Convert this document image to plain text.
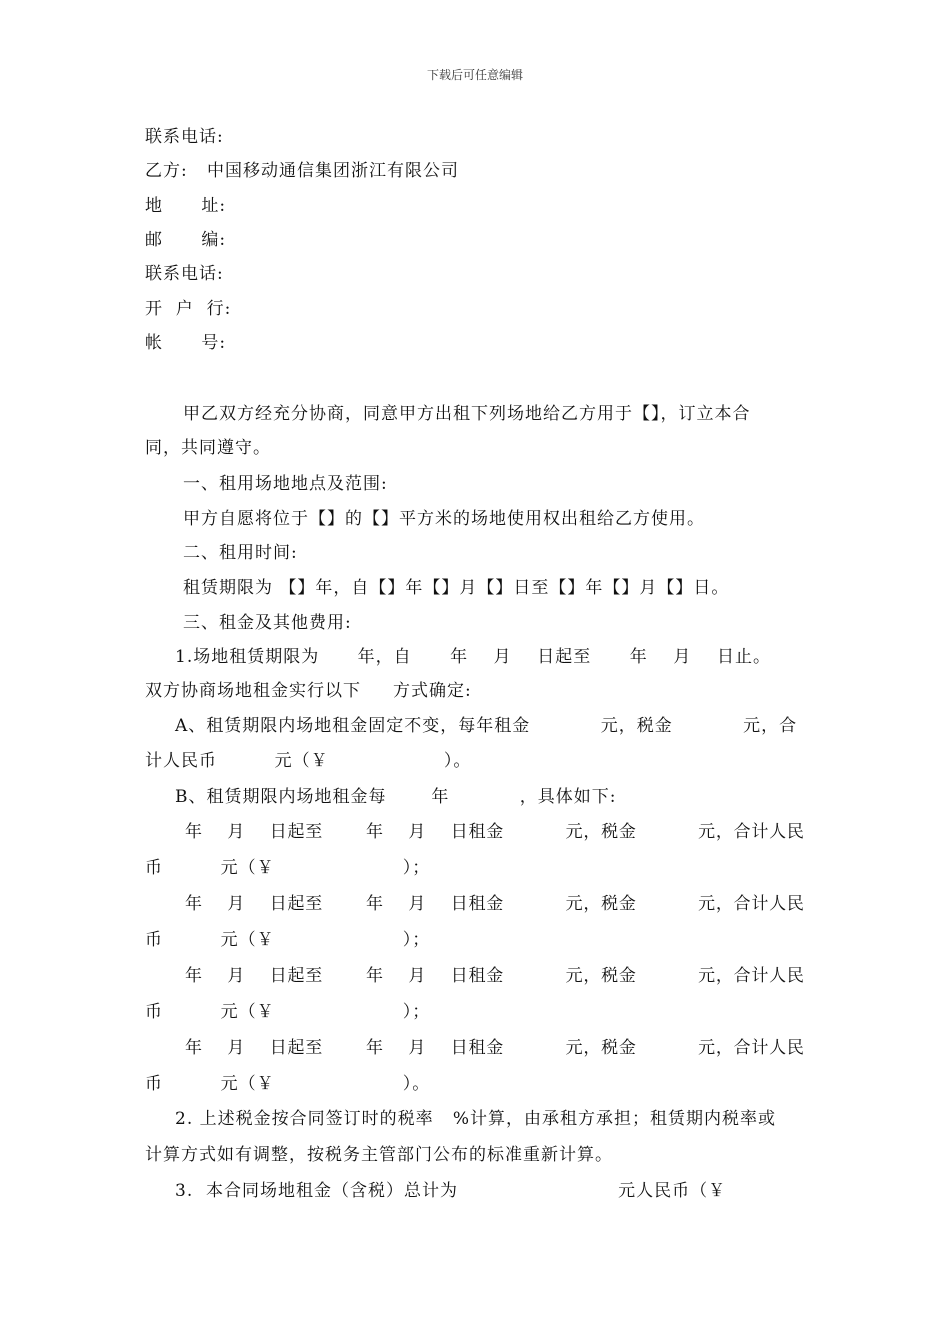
下载后可任意编辑

联系电话:

乙方:   中国移动通信集团浙江有限公司

地      址:

邮      编:

联系电话:

开  户  行:

帐      号:

甲乙双方经充分协商，同意甲方出租下列场地给乙方用于【】，订立本合

同，共同遵守。

一、租用场地地点及范围:

甲方自愿将位于【】的【】平方米的场地使用权出租给乙方使用。

二、租用时间:

租赁期限为 【】年，自【】年【】月【】日至【】年【】月【】日。

三、租金及其他费用:

1.场地租赁期限为      年，自      年    月    日起至      年    月    日止。

双方协商场地租金实行以下     方式确定:

A、租赁期限内场地租金固定不变，每年租金           元，税金           元，合

计人民币         元（￥                  ）。

B、租赁期限内场地租金每       年           ，具体如下:

年    月    日起至       年    月    日租金          元，税金          元，合计人民

币         元（￥                    ）；

年    月    日起至       年    月    日租金          元，税金          元，合计人民

币         元（￥                    ）；

年    月    日起至       年    月    日租金          元，税金          元，合计人民

币         元（￥                    ）；

年    月    日起至       年    月    日租金          元，税金          元，合计人民

币         元（￥                    ）。

2. 上述税金按合同签订时的税率   %计算，由承租方承担；租赁期内税率或

计算方式如有调整，按税务主管部门公布的标准重新计算。

3.  本合同场地租金（含税）总计为                         元人民币（￥
